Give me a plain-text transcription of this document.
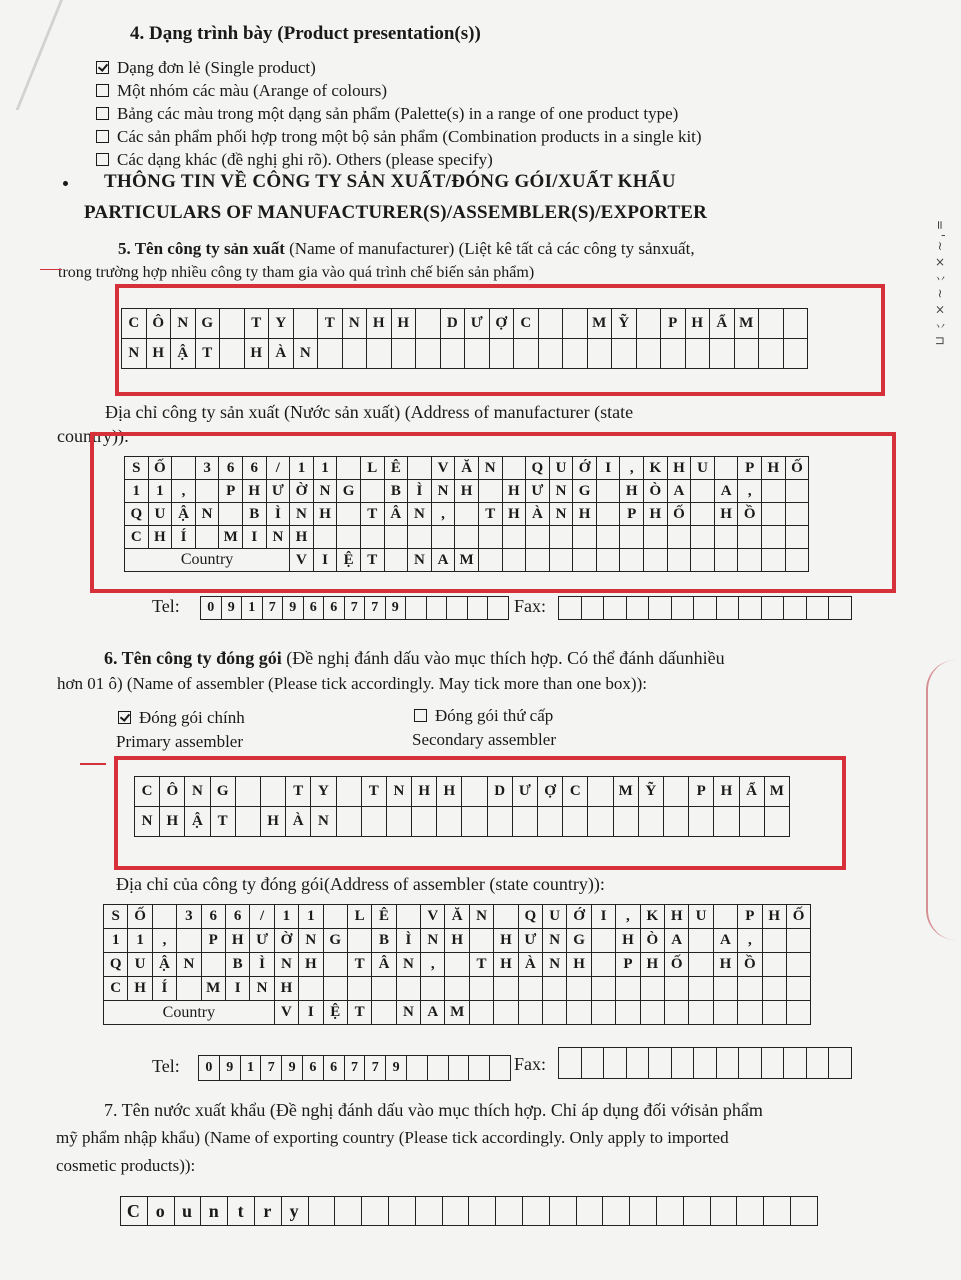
4. Dạng trình bày (Product presentation(s))
Dạng đơn lẻ (Single product)
Một nhóm các màu (Arange of colours)
Bảng các màu trong một dạng sản phẩm (Palette(s) in a range of one product type)
Các sản phẩm phối hợp trong một bộ sản phẩm (Combination products in a single kit)
Các dạng khác (đề nghị ghi rõ). Others (please specify)
THÔNG TIN VỀ CÔNG TY SẢN XUẤT/ĐÓNG GÓI/XUẤT KHẨU
PARTICULARS OF MANUFACTURER(S)/ASSEMBLER(S)/EXPORTER
5. Tên công ty sản xuất (Name of manufacturer) (Liệt kê tất cả các công ty sảnxuất,
trong trường hợp nhiều công ty tham gia vào quá trình chế biến sản phẩm)
C Ô N G	T Y	T N H H	D Ư Ợ C	M Ỹ	P H Ẩ M
N H Ậ T	H À N
Địa chỉ công ty sản xuất (Nước sản xuất) (Address of manufacturer (state
country)):
S Ố	3	6	6	/	1	1	L Ê	V Ă N	Q U Ớ I	,	K H U	P H Ố
1	1	,	P H Ư Ờ N G	B	Ì	N H	H Ư N G	H Ò A	A	,
Q U Ậ N	B	Ì	N H	T Â N	,	T H À N H	P H Ố	H Ồ
C H Í	M I	N H
Country	V	I	Ệ T	N A M
Tel:	0 9 1 7 9 6 6 7 7 9	Fax:
6. Tên công ty đóng gói (Đề nghị đánh dấu vào mục thích hợp. Có thể đánh dấunhiều
hơn 01 ô) (Name of assembler (Please tick accordingly. May tick more than one box)):
Đóng gói chính
Primary assembler
Đóng gói thứ cấp
Secondary assembler
C Ô N G	T Y	T N H H	D Ư Ợ C	M Ỹ	P H Ẩ M
N H Ậ T	H À N
Địa chỉ của công ty đóng gói(Address of assembler (state country)):
S Ố	3	6	6	/	1	1	L Ê	V Ă N	Q U Ớ	I	,	K H U	P H Ố
1	1	,	P H Ư Ờ N G	B	Ì	N H	H Ư N G	H Ò A	A	,
Q U Ậ N	B	Ì	N H	T Â N	,	T H À N H	P H Ố	H Ồ
C H	Í	M I	N H
Country	V	I	Ệ T	N A M
Tel:	0 9 1 7 9 6 6 7 7 9	Fax:
7. Tên nước xuất khẩu (Đề nghị đánh dấu vào mục thích hợp. Chỉ áp dụng đối vớisản phẩm
mỹ phẩm nhập khẩu) (Name of exporting country (Please tick accordingly. Only apply to imported
cosmetic products)):
C o u n t	r y
= ' ~ × 丷 ~ × 丷 ⊓
